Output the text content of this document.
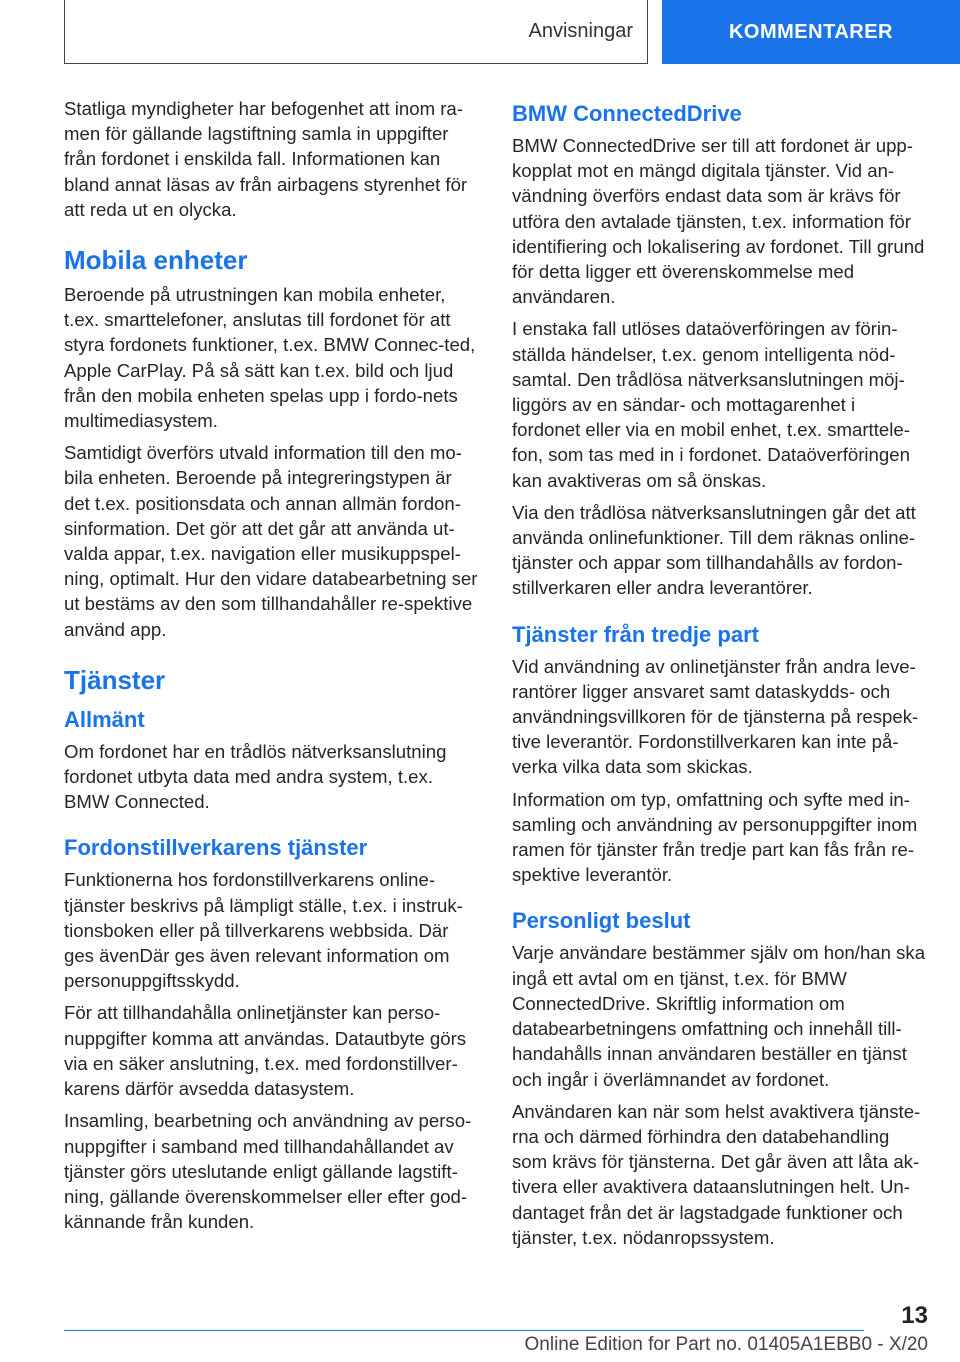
Anvisningar	KOMMENTARER

Statliga myndigheter har befogenhet att inom ra-men för gällande lagstiftning samla in uppgifter från fordonet i enskilda fall. Informationen kan bland annat läsas av från airbagens styrenhet för att reda ut en olycka.

Mobila enheter

Beroende på utrustningen kan mobila enheter, t.ex. smarttelefoner, anslutas till fordonet för att styra fordonets funktioner, t.ex. BMW Connec-ted, Apple CarPlay. På så sätt kan t.ex. bild och ljud från den mobila enheten spelas upp i fordo-nets multimediasystem.

Samtidigt överförs utvald information till den mo-bila enheten. Beroende på integreringstypen är det t.ex. positionsdata och annan allmän fordon-sinformation. Det gör att det går att använda ut-valda appar, t.ex. navigation eller musikuppspel-ning, optimalt. Hur den vidare databearbetning ser ut bestäms av den som tillhandahåller re-spektive använd app.

Tjänster
Allmänt

Om fordonet har en trådlös nätverksanslutning fordonet utbyta data med andra system, t.ex. BMW Connected.

Fordonstillverkarens tjänster

Funktionerna hos fordonstillverkarens online-tjänster beskrivs på lämpligt ställe, t.ex. i instruk-tionsboken eller på tillverkarens webbsida. Där ges ävenDär ges även relevant information om personuppgiftsskydd.

För att tillhandahålla onlinetjänster kan perso-nuppgifter komma att användas. Datautbyte görs via en säker anslutning, t.ex. med fordonstillver-karens därför avsedda datasystem.

Insamling, bearbetning och användning av perso-nuppgifter i samband med tillhandahållandet av tjänster görs uteslutande enligt gällande lagstift-ning, gällande överenskommelser eller efter god-kännande från kunden.

BMW ConnectedDrive

BMW ConnectedDrive ser till att fordonet är upp-kopplat mot en mängd digitala tjänster. Vid an-vändning överförs endast data som är krävs för utföra den avtalade tjänsten, t.ex. information för identifiering och lokalisering av fordonet. Till grund för detta ligger ett överenskommelse med användaren.

I enstaka fall utlöses dataöverföringen av förin-ställda händelser, t.ex. genom intelligenta nöd-samtal. Den trådlösa nätverksanslutningen möj-liggörs av en sändar- och mottagarenhet i fordonet eller via en mobil enhet, t.ex. smarttele-fon, som tas med in i fordonet. Dataöverföringen kan avaktiveras om så önskas.

Via den trådlösa nätverksanslutningen går det att använda onlinefunktioner. Till dem räknas online-tjänster och appar som tillhandahålls av fordon-stillverkaren eller andra leverantörer.

Tjänster från tredje part

Vid användning av onlinetjänster från andra leve-rantörer ligger ansvaret samt dataskydds- och användningsvillkoren för de tjänsterna på respek-tive leverantör. Fordonstillverkaren kan inte på-verka vilka data som skickas.

Information om typ, omfattning och syfte med in-samling och användning av personuppgifter inom ramen för tjänster från tredje part kan fås från re-spektive leverantör.

Personligt beslut

Varje användare bestämmer själv om hon/han ska ingå ett avtal om en tjänst, t.ex. för BMW ConnectedDrive. Skriftlig information om databearbetningens omfattning och innehåll till-handahålls innan användaren beställer en tjänst och ingår i överlämnandet av fordonet.

Användaren kan när som helst avaktivera tjänste-rna och därmed förhindra den databehandling som krävs för tjänsterna. Det går även att låta ak-tivera eller avaktivera dataanslutningen helt. Un-dantaget från det är lagstadgade funktioner och tjänster, t.ex. nödanropssystem.

13
Online Edition for Part no. 01405A1EBB0 - X/20
